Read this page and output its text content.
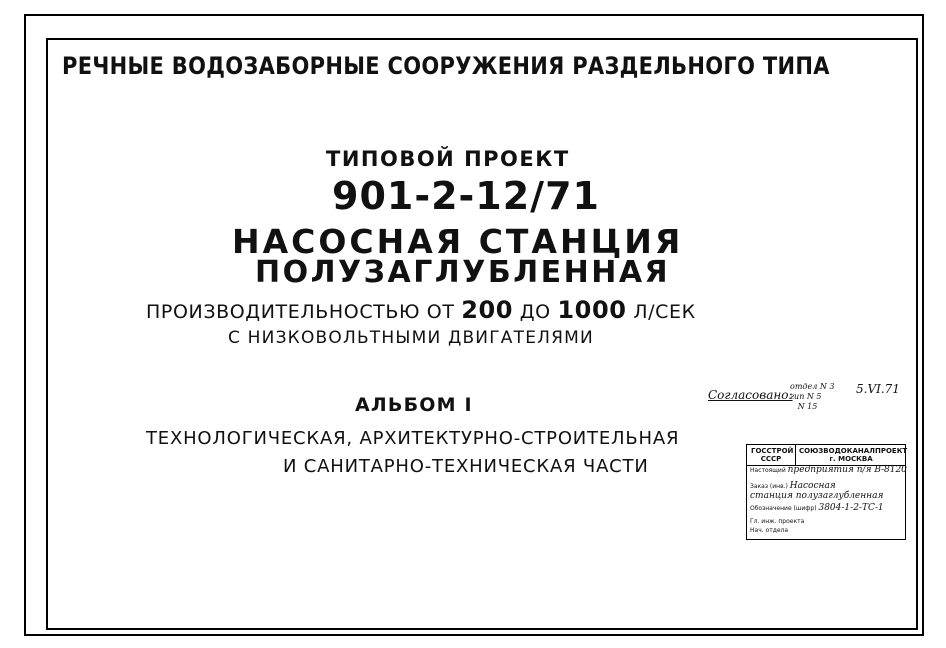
РЕЧНЫЕ ВОДОЗАБОРНЫЕ СООРУЖЕНИЯ РАЗДЕЛЬНОГО ТИПА
ТИПОВОЙ ПРОЕКТ
901-2-12/71
НАСОСНАЯ СТАНЦИЯ
ПОЛУЗАГЛУБЛЕННАЯ
ПРОИЗВОДИТЕЛЬНОСТЬЮ ОТ 200 ДО 1000 Л/СЕК
С НИЗКОВОЛЬТНЫМИ ДВИГАТЕЛЯМИ
АЛЬБОМ I
ТЕХНОЛОГИЧЕСКАЯ, АРХИТЕКТУРНО-СТРОИТЕЛЬНАЯ
И САНИТАРНО-ТЕХНИЧЕСКАЯ ЧАСТИ
Согласовано:
отдел N 3
гип N 5
N 15
5.VI.71
ГОССТРОЙ
СССР
СОЮЗВОДОКАНАЛПРОЕКТ
г. МОСКВА
Настоящий предприятия п/я В-8120
Заказ (инв.) Насосная
станция полузаглубленная
Обозначение (шифр) 3804-1-2-ТС-1
Гл. инж. проекта
Нач. отдела
